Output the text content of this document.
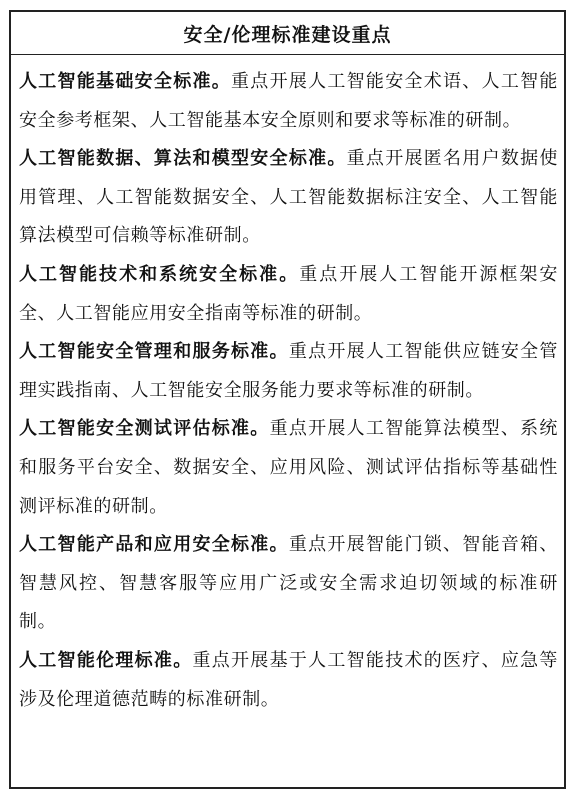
安全/伦理标准建设重点

人工智能基础安全标准。重点开展人工智能安全术语、人工智能安全参考框架、人工智能基本安全原则和要求等标准的研制。

人工智能数据、算法和模型安全标准。重点开展匿名用户数据使用管理、人工智能数据安全、人工智能数据标注安全、人工智能算法模型可信赖等标准研制。

人工智能技术和系统安全标准。重点开展人工智能开源框架安全、人工智能应用安全指南等标准的研制。

人工智能安全管理和服务标准。重点开展人工智能供应链安全管理实践指南、人工智能安全服务能力要求等标准的研制。

人工智能安全测试评估标准。重点开展人工智能算法模型、系统和服务平台安全、数据安全、应用风险、测试评估指标等基础性测评标准的研制。

人工智能产品和应用安全标准。重点开展智能门锁、智能音箱、智慧风控、智慧客服等应用广泛或安全需求迫切领域的标准研制。

人工智能伦理标准。重点开展基于人工智能技术的医疗、应急等涉及伦理道德范畴的标准研制。
